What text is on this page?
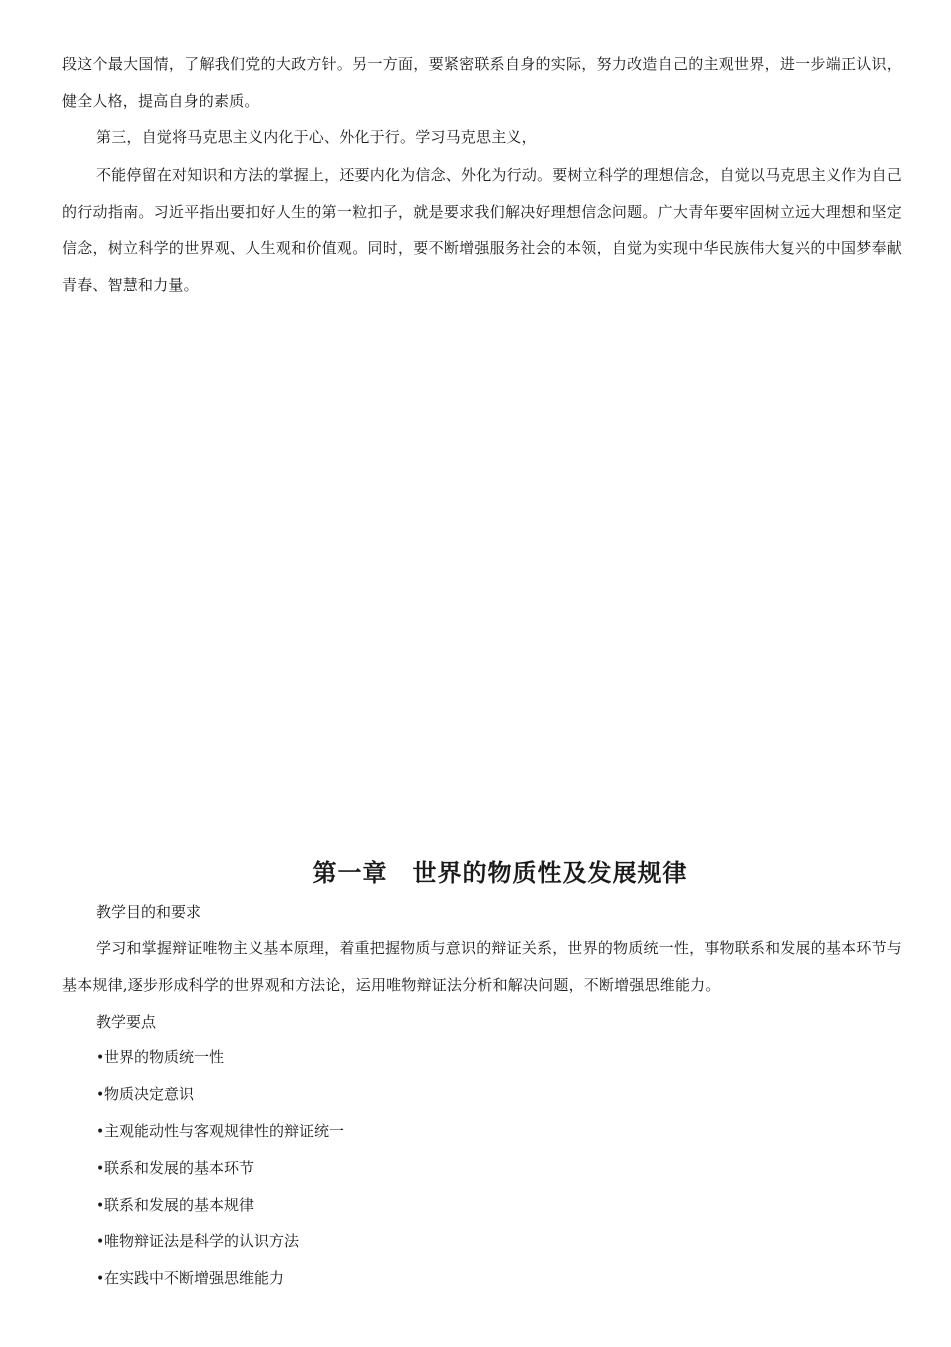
段这个最大国情，了解我们党的大政方针。另一方面，要紧密联系自身的实际，努力改造自己的主观世界，进一步端正认识，健全人格，提高自身的素质。

第三，自觉将马克思主义内化于心、外化于行。学习马克思主义，

不能停留在对知识和方法的掌握上，还要内化为信念、外化为行动。要树立科学的理想信念，自觉以马克思主义作为自己的行动指南。习近平指出要扣好人生的第一粒扣子，就是要求我们解决好理想信念问题。广大青年要牢固树立远大理想和坚定信念，树立科学的世界观、人生观和价值观。同时，要不断增强服务社会的本领，自觉为实现中华民族伟大复兴的中国梦奉献青春、智慧和力量。

第一章　世界的物质性及发展规律

教学目的和要求

学习和掌握辩证唯物主义基本原理，着重把握物质与意识的辩证关系，世界的物质统一性，事物联系和发展的基本环节与基本规律,逐步形成科学的世界观和方法论，运用唯物辩证法分析和解决问题，不断增强思维能力。

教学要点

•世界的物质统一性
•物质决定意识
•主观能动性与客观规律性的辩证统一
•联系和发展的基本环节
•联系和发展的基本规律
•唯物辩证法是科学的认识方法
•在实践中不断增强思维能力
